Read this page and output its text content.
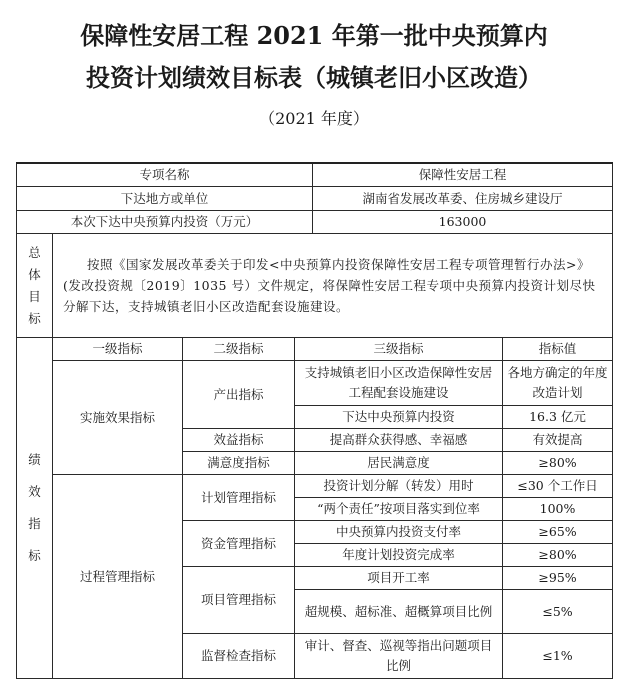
保障性安居工程 2021 年第一批中央预算内
投资计划绩效目标表（城镇老旧小区改造）
（2021 年度）
专项名称				保障性安居工程	
下达地方或单位				湖南省发展改革委、住房城乡建设厅	
本次下达中央预算内投资（万元）				163000	

总
体
目
标	按照《国家发展改革委关于印发<中央预算内投资保障性安居工程专项管理暂行办法>》(发改投资规〔2019〕1035 号）文件规定，将保障性安居工程专项中央预算内投资计划尽快分解下达，支持城镇老旧小区改造配套设施建设。				

绩
效
指
标	一级指标	二级指标	三级指标		指标值
	实施效果指标	产出指标	支持城镇老旧小区改造保障性安居工程配套设施建设		各地方确定的年度改造计划
			下达中央预算内投资		16.3 亿元
		效益指标	提高群众获得感、幸福感		有效提高
		满意度指标	居民满意度		≥80%
	过程管理指标	计划管理指标	投资计划分解（转发）用时		≤30 个工作日
			“两个责任”按项目落实到位率		100%
		资金管理指标	中央预算内投资支付率		≥65%
			年度计划投资完成率		≥80%
		项目管理指标	项目开工率		≥95%
			超规模、超标准、超概算项目比例		≤5%

		监督检查指标	审计、督查、巡视等指出问题项目比例		≤1%
